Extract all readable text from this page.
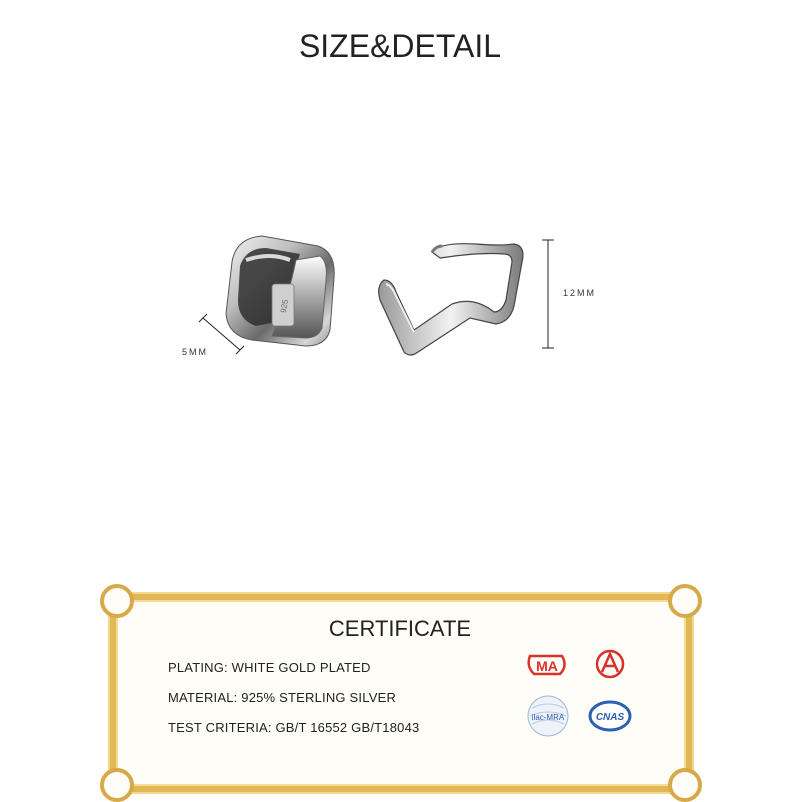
SIZE&DETAIL
925
5MM
12MM
CERTIFICATE
PLATING: WHITE GOLD PLATED
MATERIAL: 925% STERLING SILVER
TEST CRITERIA: GB/T 16552 GB/T18043
MA
ilac-MRA	CNAS
